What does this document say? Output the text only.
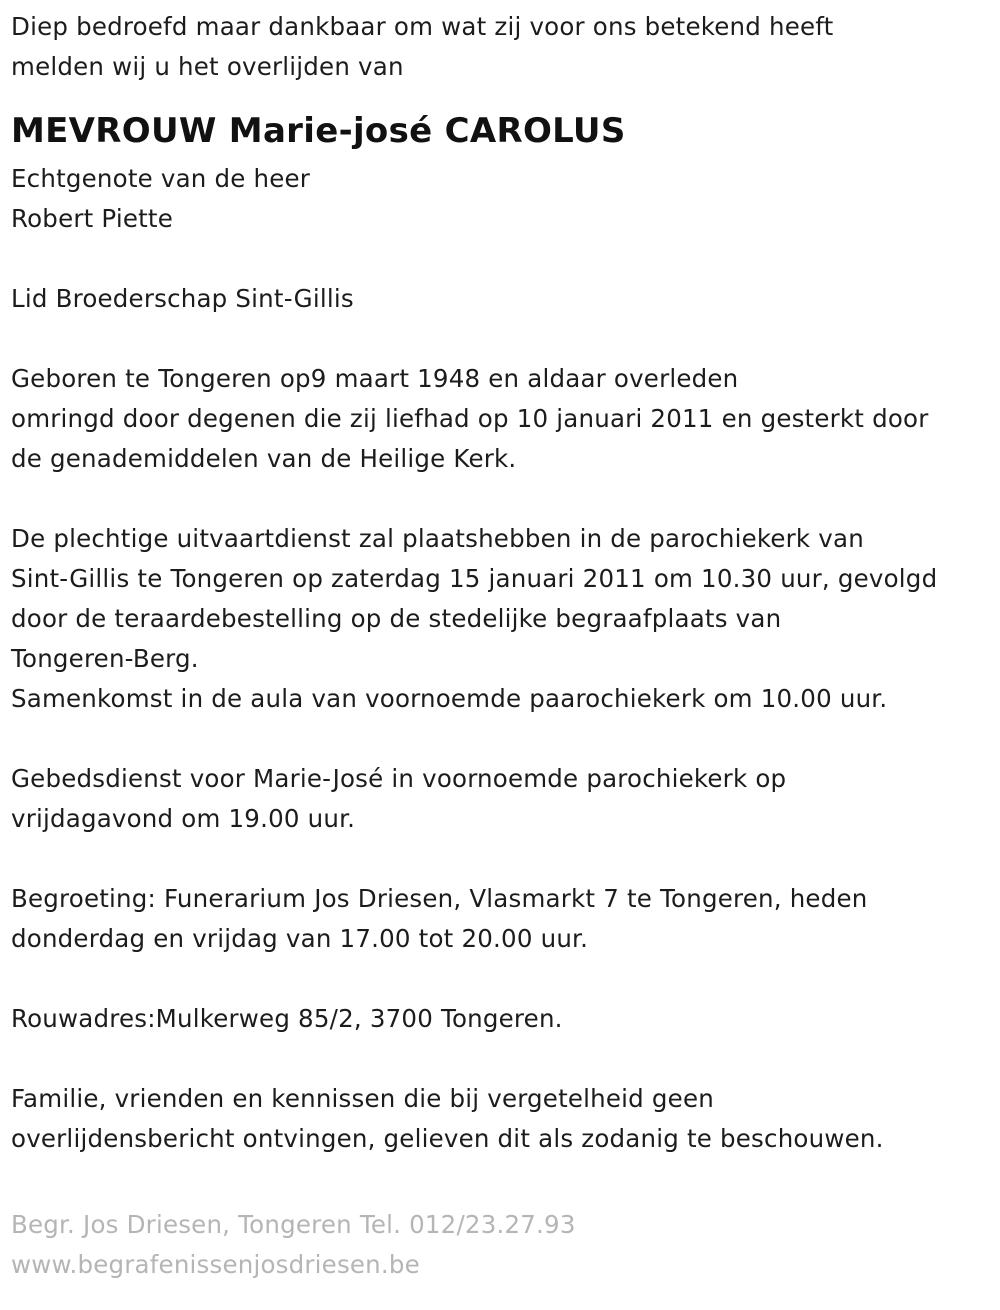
Diep bedroefd maar dankbaar om wat zij voor ons betekend heeft
melden wij u het overlijden van
MEVROUW Marie-josé CAROLUS
Echtgenote van de heer
Robert Piette
Lid Broederschap Sint-Gillis
Geboren te Tongeren op9 maart 1948 en aldaar overleden
omringd door degenen die zij liefhad op 10 januari 2011 en gesterkt door
de genademiddelen van de Heilige Kerk.
De plechtige uitvaartdienst zal plaatshebben in de parochiekerk van
Sint-Gillis te Tongeren op zaterdag 15 januari 2011 om 10.30 uur, gevolgd
door de teraardebestelling op de stedelijke begraafplaats van
Tongeren-Berg.
Samenkomst in de aula van voornoemde paarochiekerk om 10.00 uur.
Gebedsdienst voor Marie-José in voornoemde parochiekerk op
vrijdagavond om 19.00 uur.
Begroeting: Funerarium Jos Driesen, Vlasmarkt 7 te Tongeren, heden
donderdag en vrijdag van 17.00 tot 20.00 uur.
Rouwadres:Mulkerweg 85/2, 3700 Tongeren.
Familie, vrienden en kennissen die bij vergetelheid geen
overlijdensbericht ontvingen, gelieven dit als zodanig te beschouwen.
Begr. Jos Driesen, Tongeren Tel. 012/23.27.93
www.begrafenissenjosdriesen.be
